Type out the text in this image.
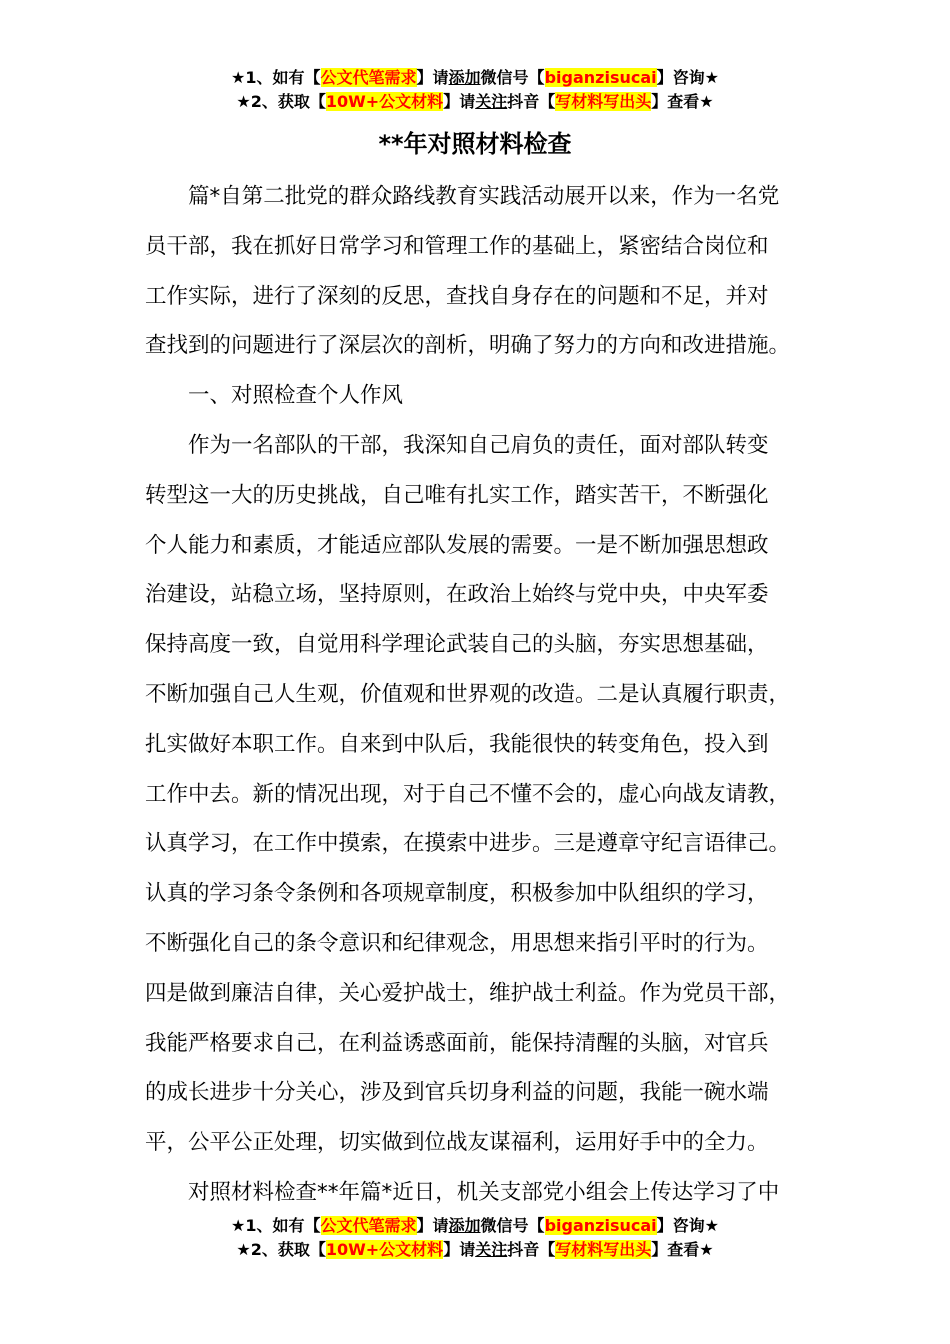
★1、如有【公文代笔需求】请添加微信号【biganzisucai】咨询★
★2、获取【10W+公文材料】请关注抖音【写材料写出头】查看★
**年对照材料检查
篇*自第二批党的群众路线教育实践活动展开以来，作为一名党
员干部，我在抓好日常学习和管理工作的基础上，紧密结合岗位和
工作实际，进行了深刻的反思，查找自身存在的问题和不足，并对
查找到的问题进行了深层次的剖析，明确了努力的方向和改进措施。
一、对照检查个人作风
作为一名部队的干部，我深知自己肩负的责任，面对部队转变
转型这一大的历史挑战，自己唯有扎实工作，踏实苦干，不断强化
个人能力和素质，才能适应部队发展的需要。一是不断加强思想政
治建设，站稳立场，坚持原则，在政治上始终与党中央，中央军委
保持高度一致，自觉用科学理论武装自己的头脑，夯实思想基础，
不断加强自己人生观，价值观和世界观的改造。二是认真履行职责，
扎实做好本职工作。自来到中队后，我能很快的转变角色，投入到
工作中去。新的情况出现，对于自己不懂不会的，虚心向战友请教，
认真学习，在工作中摸索，在摸索中进步。三是遵章守纪言语律己。
认真的学习条令条例和各项规章制度，积极参加中队组织的学习，
不断强化自己的条令意识和纪律观念，用思想来指引平时的行为。
四是做到廉洁自律，关心爱护战士，维护战士利益。作为党员干部，
我能严格要求自己，在利益诱惑面前，能保持清醒的头脑，对官兵
的成长进步十分关心，涉及到官兵切身利益的问题，我能一碗水端
平，公平公正处理，切实做到位战友谋福利，运用好手中的全力。
对照材料检查**年篇*近日，机关支部党小组会上传达学习了中
★1、如有【公文代笔需求】请添加微信号【biganzisucai】咨询★
★2、获取【10W+公文材料】请关注抖音【写材料写出头】查看★
